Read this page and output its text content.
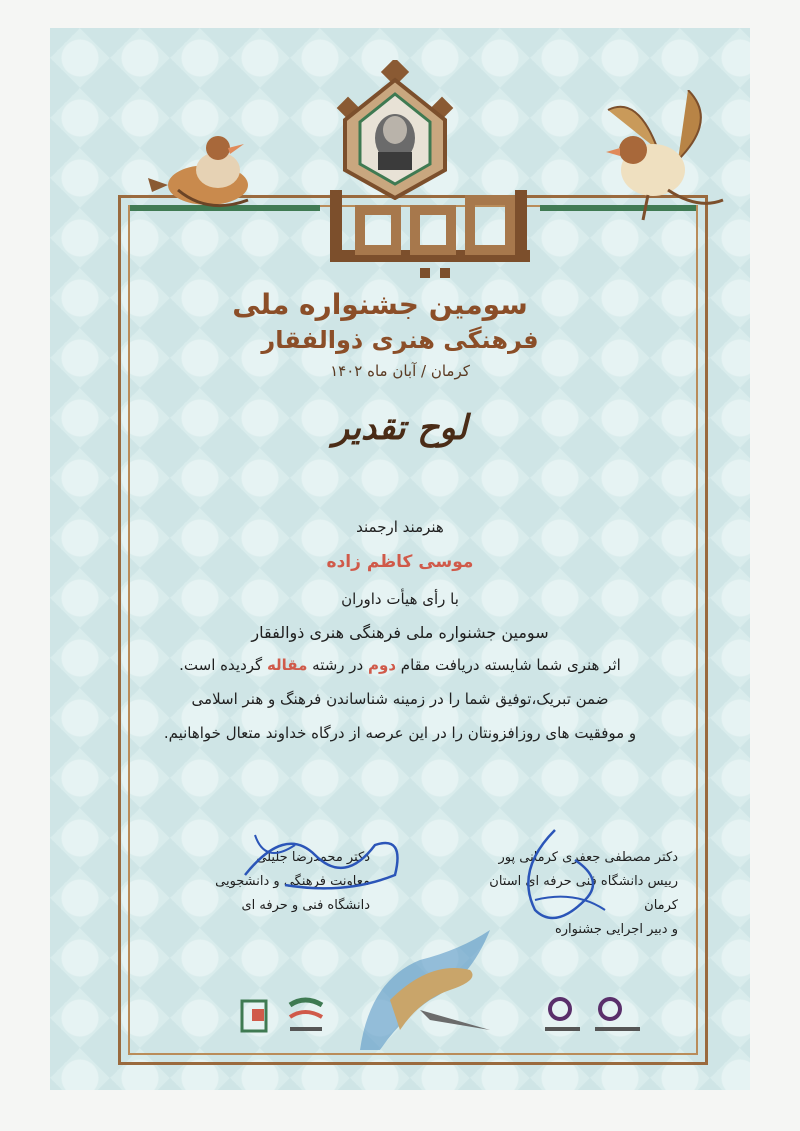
سومین جشنواره ملی
فرهنگی هنری ذوالفقار
کرمان / آبان ماه ۱۴۰۲
لوح تقدیر
هنرمند ارجمند
موسی کاظم زاده
با رأی هیأت داوران
سومین جشنواره ملی فرهنگی هنری ذوالفقار
اثر هنری شما شایسته دریافت مقام دوم در رشته مقاله گردیده است.
ضمن تبریک،توفیق شما را در زمینه شناساندن فرهنگ و هنر اسلامی
و موفقیت های روزافزونتان را در این عرصه از درگاه خداوند متعال خواهانیم.
دکتر مصطفی جعفری کرمانی پور
رییس دانشگاه فنی حرفه ای استان کرمان
و دبیر اجرایی جشنواره
دکتر محمدرضا جلیلی
معاونت فرهنگی و دانشجویی
دانشگاه فنی و حرفه ای
